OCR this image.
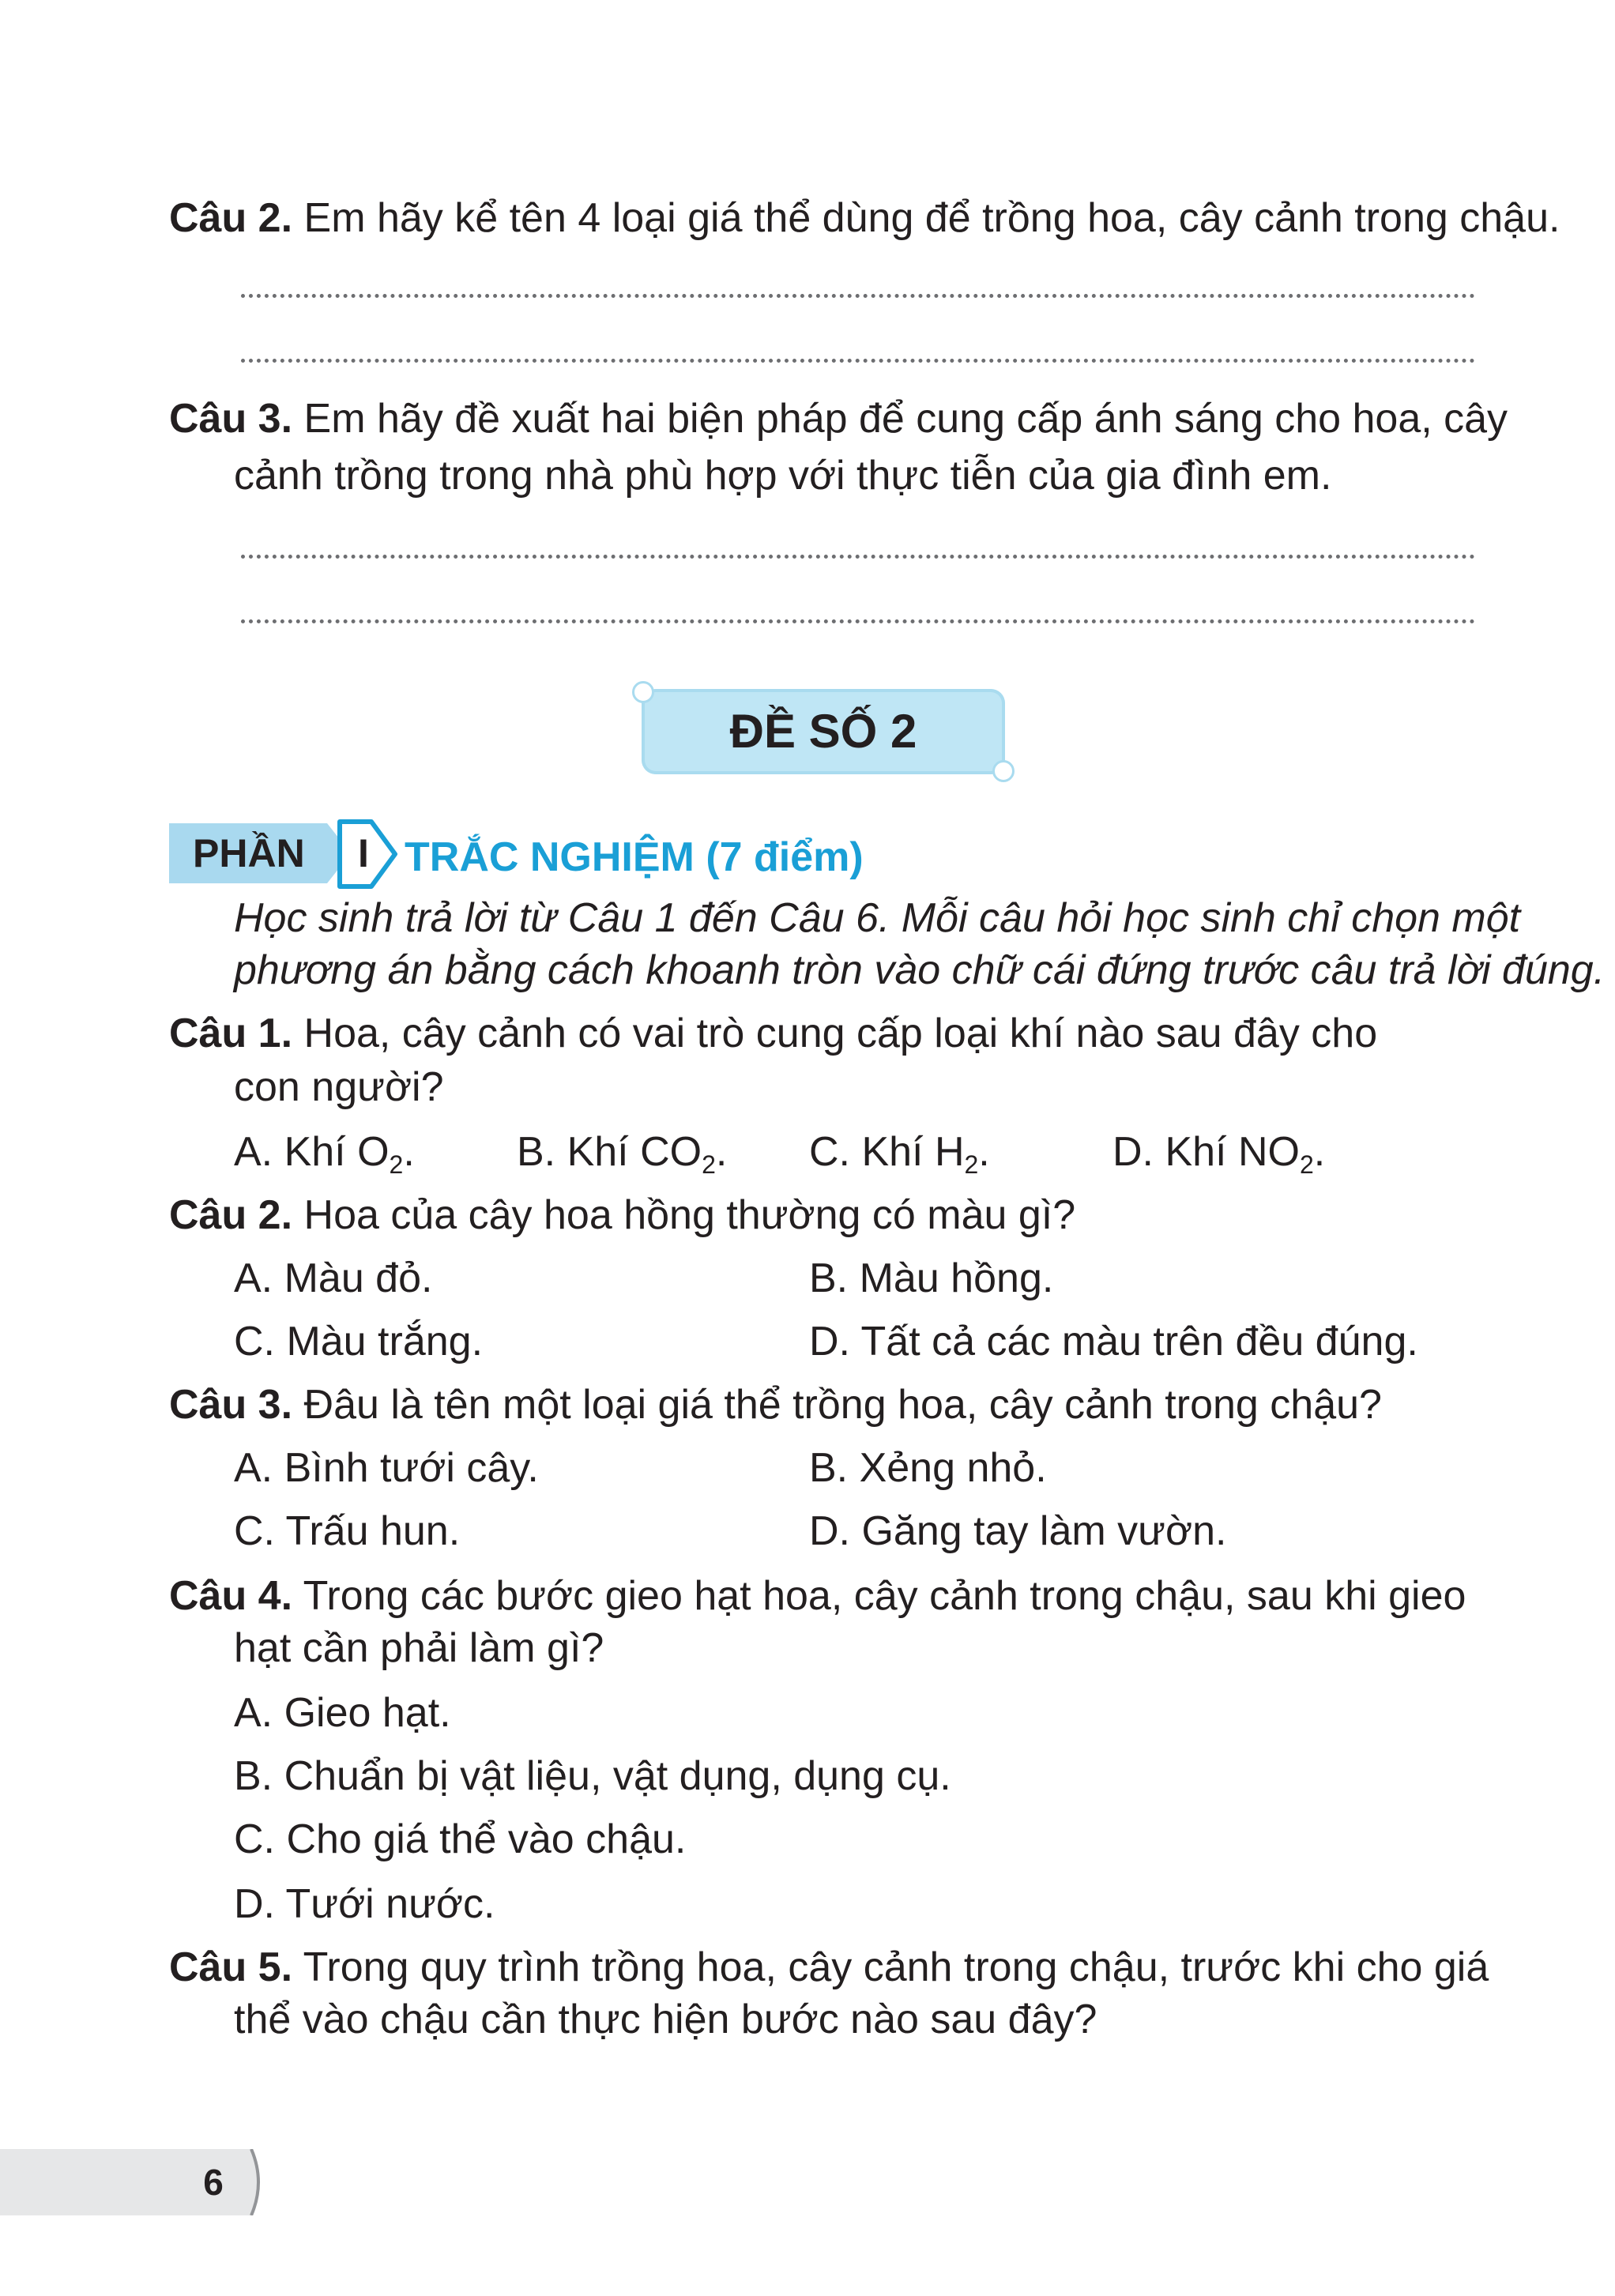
Câu 2. Em hãy kể tên 4 loại giá thể dùng để trồng hoa, cây cảnh trong chậu.
Câu 3. Em hãy đề xuất hai biện pháp để cung cấp ánh sáng cho hoa, cây
cảnh trồng trong nhà phù hợp với thực tiễn của gia đình em.
ĐỀ SỐ 2
PHẦN	I TRẮC NGHIỆM (7 điểm)
Học sinh trả lời từ Câu 1 đến Câu 6. Mỗi câu hỏi học sinh chỉ chọn một
phương án bằng cách khoanh tròn vào chữ cái đứng trước câu trả lời đúng.
Câu 1. Hoa, cây cảnh có vai trò cung cấp loại khí nào sau đây cho
con người?
A. Khí $O_2$. B. Khí $CO_2$. C. Khí $H_2$.	D. Khí $NO_2$.
Câu 2. Hoa của cây hoa hồng thường có màu gì?
A. Màu đỏ.	B. Màu hồng.
C. Màu trắng.	D. Tất cả các màu trên đều đúng.
Câu 3. Đâu là tên một loại giá thể trồng hoa, cây cảnh trong chậu?
A. Bình tưới cây.	B. Xẻng nhỏ.
C. Trấu hun.	D. Găng tay làm vườn.
Câu 4. Trong các bước gieo hạt hoa, cây cảnh trong chậu, sau khi gieo
hạt cần phải làm gì?
A. Gieo hạt.
B. Chuẩn bị vật liệu, vật dụng, dụng cụ.
C. Cho giá thể vào chậu.
D. Tưới nước.
Câu 5. Trong quy trình trồng hoa, cây cảnh trong chậu, trước khi cho giá
thể vào chậu cần thực hiện bước nào sau đây?
6
